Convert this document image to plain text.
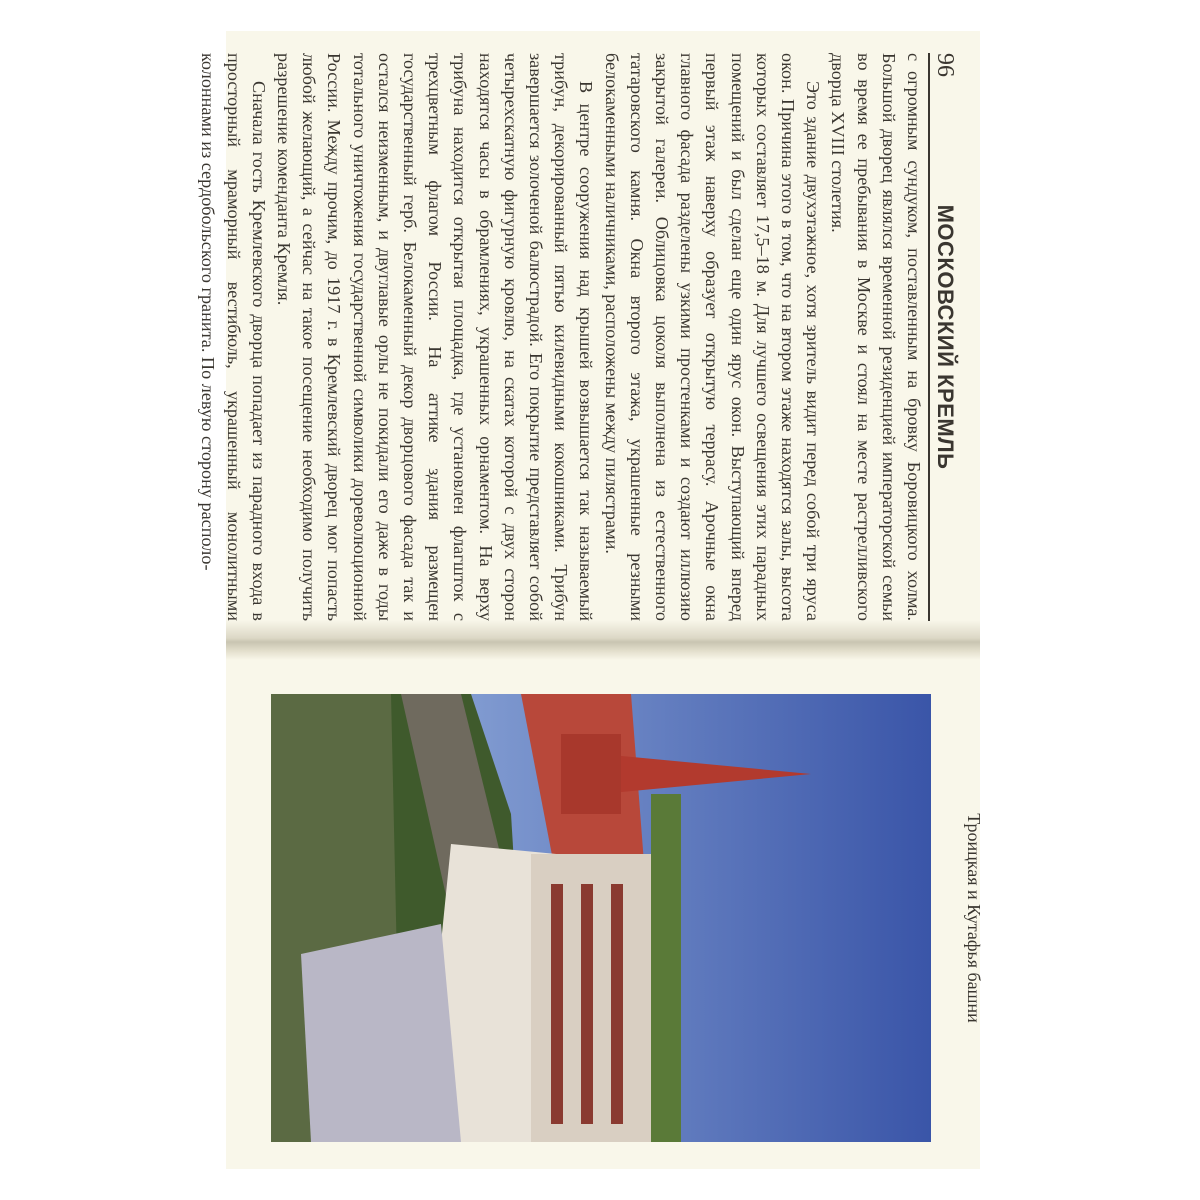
96
МОСКОВСКИЙ КРЕМЛЬ

с огромным сундуком, поставленным на бровку Боровицкого холма. Большой дворец являлся временной резиденцией императорской семьи во время ее пребывания в Москве и стоял на месте растрелливского дворца XVIII столетия.

Это здание двухэтажное, хотя зритель видит перед собой три яруса окон. Причина этого в том, что на втором этаже находятся залы, высота которых составляет 17,5–18 м. Для лучшего освещения этих парадных помещений и был сделан еще один ярус окон. Выступающий вперед первый этаж наверху образует открытую террасу. Арочные окна главного фасада разделены узкими простенками и создают иллюзию закрытой галереи. Облицовка цоколя выполнена из естественного татаровского камня. Окна второго этажа, украшенные резными белокаменными наличниками, расположены между пилястрами.

В центре сооружения над крышей возвышается так называемый трибун, декорированный пятью килевидными кокошниками. Трибун завершается золоченой балюстрадой. Его покрытие представляет собой четырехскатную фигурную кровлю, на скатах которой с двух сторон находятся часы в обрамлениях, украшенных орнаментом. На верху трибуна находится открытая площадка, где установлен флагшток с трехцветным флагом России. На аттике здания размещен государственный герб. Белокаменный декор дворцового фасада так и остался неизменным, и двуглавые орлы не покидали его даже в годы тотального уничтожения государственной символики дореволюционной России. Между прочим, до 1917 г. в Кремлевский дворец мог попасть любой желающий, а сейчас на такое посещение необходимо получить разрешение коменданта Кремля.

Сначала гость Кремлевского дворца попадает из парадного входа в просторный мраморный вестибюль, украшенный монолитными колоннами из сердобольского гранита. По левую сторону располо-

Троицкая и Кутафья башни
